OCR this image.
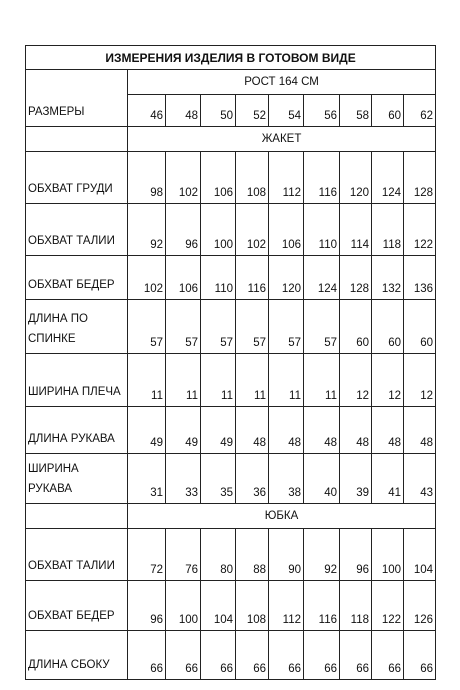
ИЗМЕРЕНИЯ ИЗДЕЛИЯ В ГОТОВОМ ВИДЕ									
РАЗМЕРЫ	РОСТ 164 СМ								
	46	48	50	52	54	56	58	60	62
	ЖАКЕТ								
ОБХВАТ ГРУДИ	98	102	106	108	112	116	120	124	128
ОБХВАТ ТАЛИИ	92	96	100	102	106	110	114	118	122
ОБХВАТ БЕДЕР	102	106	110	116	120	124	128	132	136
ДЛИНА ПО СПИНКЕ	57	57	57	57	57	57	60	60	60
ШИРИНА ПЛЕЧА	11	11	11	11	11	11	12	12	12
ДЛИНА РУКАВА	49	49	49	48	48	48	48	48	48
ШИРИНА РУКАВА	31	33	35	36	38	40	39	41	43
	ЮБКА								
ОБХВАТ ТАЛИИ	72	76	80	88	90	92	96	100	104
ОБХВАТ БЕДЕР	96	100	104	108	112	116	118	122	126
ДЛИНА СБОКУ	66	66	66	66	66	66	66	66	66
